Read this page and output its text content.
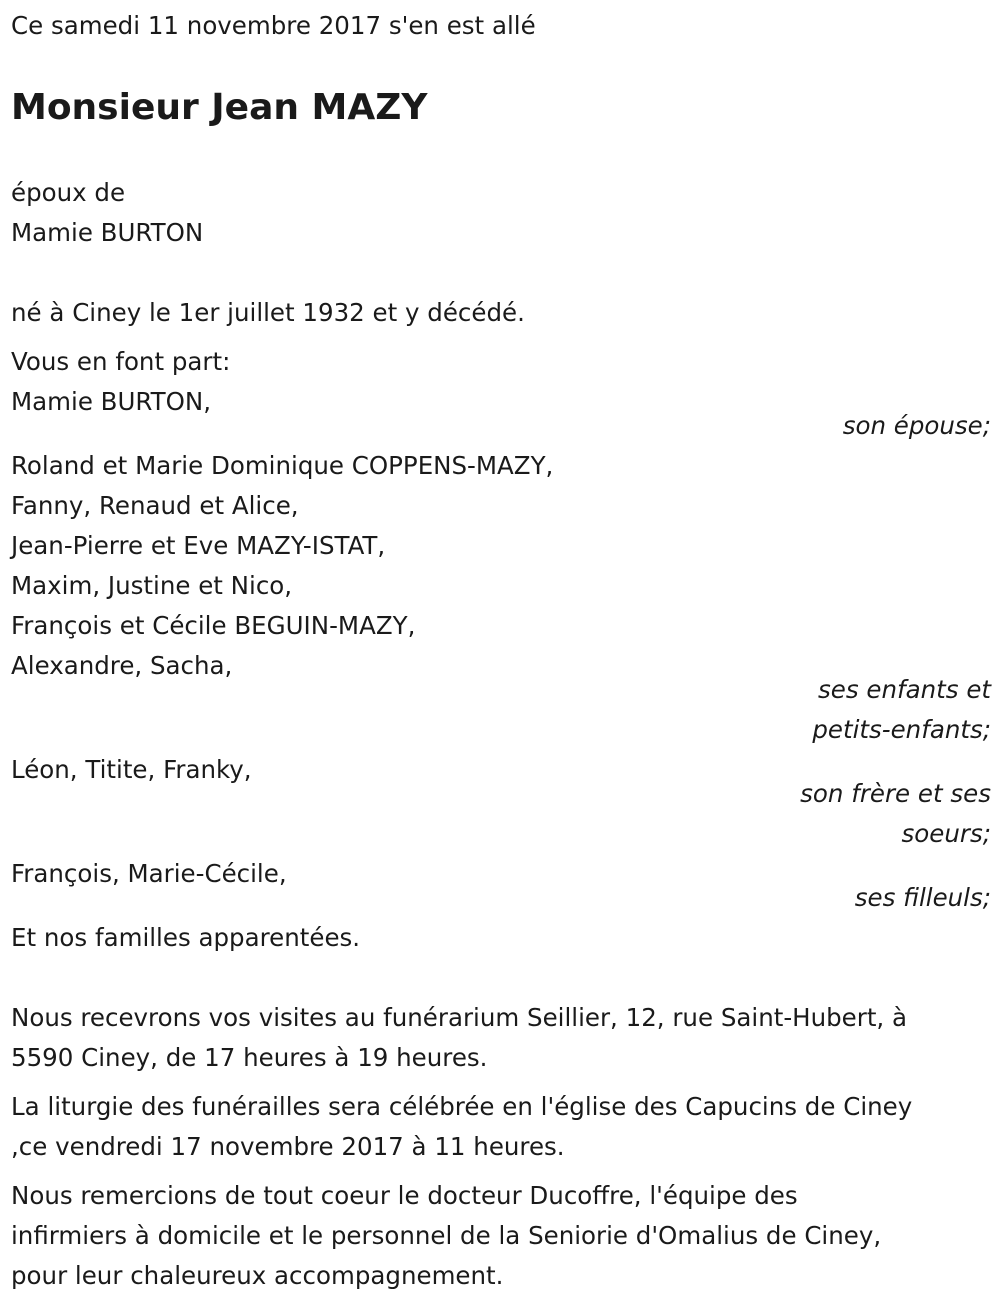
Ce samedi 11 novembre 2017 s'en est allé

Monsieur Jean MAZY

époux de

Mamie BURTON

né à Ciney le 1er juillet 1932 et y décédé.

Vous en font part:

Mamie BURTON,

son épouse;

Roland et Marie Dominique COPPENS-MAZY,

Fanny, Renaud et Alice,

Jean-Pierre et Eve MAZY-ISTAT,

Maxim, Justine et Nico,

François et Cécile BEGUIN-MAZY,

Alexandre, Sacha,

ses enfants et

petits-enfants;

Léon, Titite, Franky,

son frère et ses

soeurs;

François, Marie-Cécile,

ses filleuls;

Et nos familles apparentées.

Nous recevrons vos visites au funérarium Seillier, 12, rue Saint-Hubert, à

5590 Ciney, de 17 heures à 19 heures.

La liturgie des funérailles sera célébrée en l'église des Capucins de Ciney

,ce vendredi 17 novembre 2017 à 11 heures.

Nous remercions de tout coeur le docteur Ducoffre, l'équipe des

infirmiers à domicile et le personnel de la Seniorie d'Omalius de Ciney,

pour leur chaleureux accompagnement.
